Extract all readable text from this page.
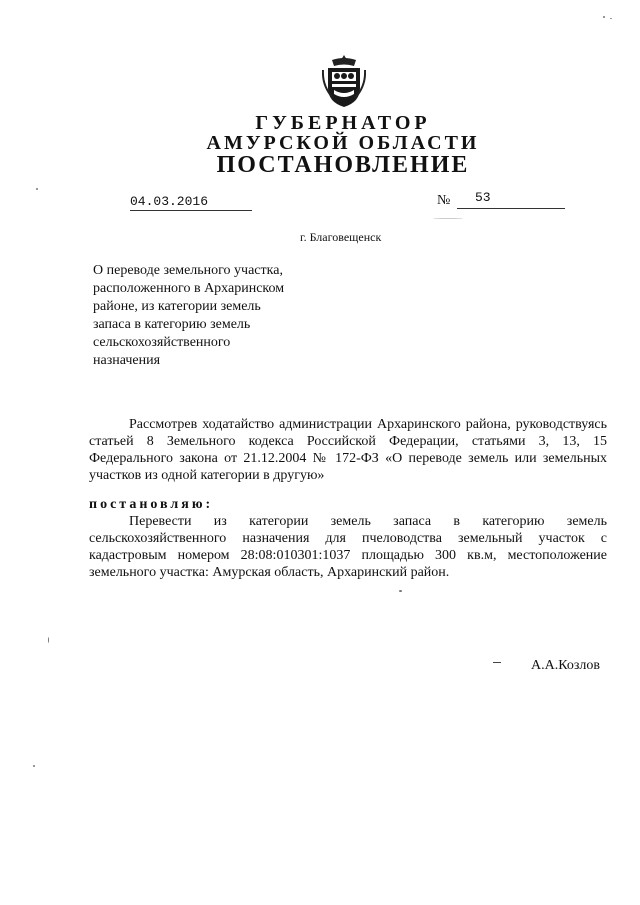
ГУБЕРНАТОР
АМУРСКОЙ ОБЛАСТИ
ПОСТАНОВЛЕНИЕ
04.03.2016	№	53
г. Благовещенск
О переводе земельного участка,
расположенного в Архаринском
районе, из категории земель
запаса в категорию земель
сельскохозяйственного
назначения
Рассмотрев ходатайство администрации Архаринского района, руководствуясь статьей 8 Земельного кодекса Российской Федерации, статьями 3, 13, 15 Федерального закона от 21.12.2004 № 172-ФЗ «О переводе земель или земельных участков из одной категории в другую»
постановляю:
Перевести из категории земель запаса в категорию земель сельскохозяйственного назначения для пчеловодства земельный участок с кадастровым номером 28:08:010301:1037 площадью 300 кв.м, местоположение земельного участка: Амурская область, Архаринский район.
А.А.Козлов
